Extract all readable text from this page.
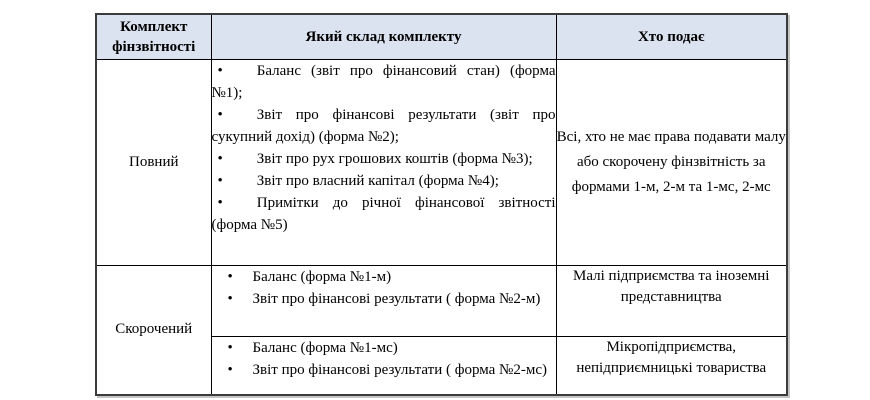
Комплект фінзвітності	Який склад комплекту	Хто подає
Повний	• Баланс (звіт про фінансовий стан) (форма №1);

• Звіт про фінансові результати (звіт про сукупний дохід) (форма №2);

• Звіт про рух грошових коштів (форма №3);

• Звіт про власний капітал (форма №4);

• Примітки до річної фінансової звітності (форма №5)	Всі, хто не має права подавати малу або скорочену фінзвітність за формами 1-м, 2-м та 1-мс, 2-мс

Скорочений	• Баланс (форма №1-м)
• Звіт про фінансові результати ( форма №2-м)	Малі підприємства та іноземні представництва

	• Баланс (форма №1-мс)
• Звіт про фінансові результати ( форма №2-мс)	Мікропідприємства, непідприємницькі товариства
